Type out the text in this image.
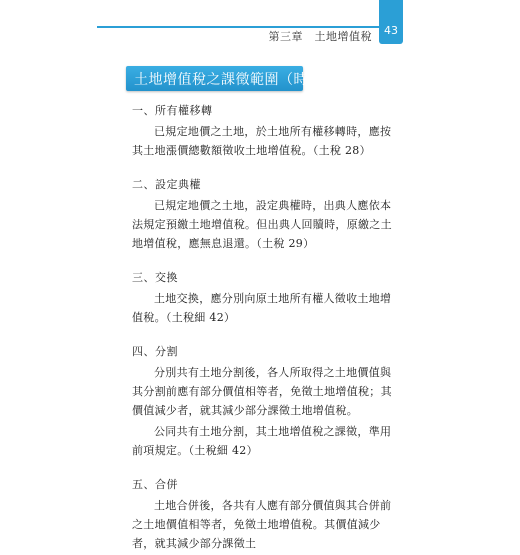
第三章　土地增值稅	43
土地增值稅之課徵範圍（時機）
一、所有權移轉

已規定地價之土地，於土地所有權移轉時，應按其土地漲價總數額徵收土地增值稅。（土稅 28）

二、設定典權

已規定地價之土地，設定典權時，出典人應依本法規定預繳土地增值稅。但出典人回贖時，原繳之土地增值稅，應無息退還。（土稅 29）

三、交換

土地交換，應分別向原土地所有權人徵收土地增值稅。（土稅細 42）

四、分割

分別共有土地分割後，各人所取得之土地價值與其分割前應有部分價值相等者，免徵土地增值稅；其價值減少者，就其減少部分課徵土地增值稅。

公同共有土地分割，其土地增值稅之課徵，準用前項規定。（土稅細 42）

五、合併

土地合併後，各共有人應有部分價值與其合併前之土地價值相等者，免徵土地增值稅。其價值減少者，就其減少部分課徵土
